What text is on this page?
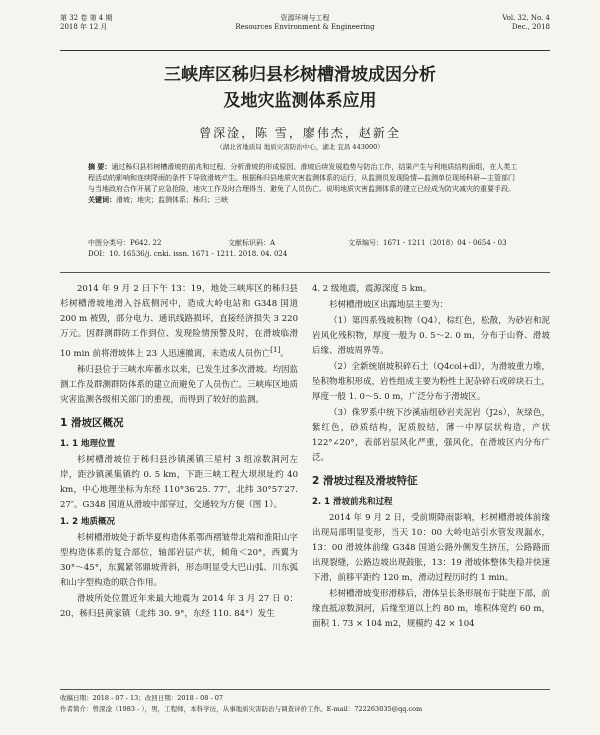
第 32 卷 第 4 期
2018 年 12 月
资源环境与工程
Resources Environment & Engineering
Vol. 32, No. 4
Dec., 2018
三峡库区秭归县杉树槽滑坡成因分析
及地灾监测体系应用
曾深淦，陈 雪，廖伟杰，赵新全
（湖北省地质局 地质灾害防治中心，湖北 宜昌 443000）
摘 要：通过秭归县杉树槽滑坡的前兆和过程、分析滑坡的形成原因、滑坡后续发展趋势与防治工作，结果产生与利地质结构面组，在人类工程活动的影响和连续降雨的条件下导致滑坡产生。根据秭归县地质灾害监测体系的运行，从监测员发现险情—监测单位现场科研—主管部门与当地政府合作开展了应急抢险，地灾工作及时合理得当，避免了人员伤亡。说明地质灾害监测体系的建立已经成为防灾减灾的重要手段。
关键词：滑坡；地灾；监测体系；秭归；三峡
中图分类号：P642. 22	文献标识码：A	文章编号：1671 - 1211（2018）04 - 0654 - 03
DOI：10. 16536/j. cnki. issn. 1671 - 1211. 2018. 04. 024

2014 年 9 月 2 日下午 13：19，地处三峡库区的秭归县杉树槽滑坡地滑入谷底侧河中，造成大岭电站和 G348 国道 200 m 被毁，部分电力、通讯线路损坏，直接经济损失 3 220 万元。因群测群防工作到位、发现险情预警及时，在滑坡临滑 10 min 前将滑坡体上 23 人迅速撤离，未造成人员伤亡[1]。

秭归县位于三峡水库蓄水以来，已发生过多次滑坡。均因监测工作及群测群防体系的建立而避免了人员伤亡。三峡库区地质灾害监测各级相关部门的重视，而得到了较好的监测。

1 滑坡区概况
1. 1 地理位置

杉树槽滑坡位于秭归县沙镇溪镇三星村 3 组凉数洞河左岸，距沙镇溪集镇约 0. 5 km，下距三峡工程大坝坝址约 40 km，中心地理坐标为东经 110°36′25. 77″，北纬 30°57′27. 27″。G348 国道从滑坡中部穿过，交通较为方便（图 1）。

1. 2 地质概况

杉树槽滑坡处于新华夏构造体系鄂西褶皱带北端和淮阳山字型构造体系的复合部位，轴部岩层产状，倾角＜20°，西翼为 30°～45°，东翼紧邻鼎坡背斜，形态明显受大巴山弧、川东弧和山字型构造的联合作用。

滑坡所处位置近年来最大地震为 2014 年 3 月 27 日 0：20，秭归县黄家镇（北纬 30. 9°，东经 110. 84°）发生

4. 2 级地震，震源深度 5 km。

杉树槽滑坡区出露地层主要为：

（1）第四系残坡积物（Q4），棕红色，松散，为砂岩和泥岩风化残积物，厚度一般为 0. 5～2. 0 m，分布于山脊、滑坡后缘、滑坡周界等。

（2）全新统崩坡积碎石土（Q4col+dl），为滑坡重力堆，坠积物堆积形成，岩性组成主要为粉性土泥杂碎石或碎块石土，厚度一般 1. 0～5. 0 m，广泛分布于滑坡区。

（3）侏罗系中统下沙溪庙组砂岩夹泥岩（J2s），灰绿色，紫红色，砂质结构，泥质胶结，薄一中厚层状构造，产状 122°∠20°，表部岩层风化严重，强风化，在滑坡区内分布广泛。

2 滑坡过程及滑坡特征
2. 1 滑坡前兆和过程

2014 年 9 月 2 日，受前期降雨影响，杉树槽滑坡体前缘出现局部明显变形，当天 10：00 大岭电站引水管发现漏水，13：00 滑坡体前缘 G348 国道公路外侧发生挤压，公路路面出现裂缝，公路边坡出现鼓胀，13：19 滑坡体整体失稳并快速下滑，前移平距约 120 m，滑动过程历时约 1 min。

杉树槽滑坡变形滑移后，滑体呈长条形展布于陡崖下部，前缘直抵凉数洞河，后缘至道以上约 80 m，堆积体宽约 60 m，面积 1. 73 × 104 m2，规模约 42 × 104

收稿日期：2018 - 07 - 13；改回日期：2018 - 08 - 07
作者简介：曾深淦（1983 - ），男，工程师，本科学历，从事地质灾害防治与调查评价工作。E-mail：722263035@qq.com
